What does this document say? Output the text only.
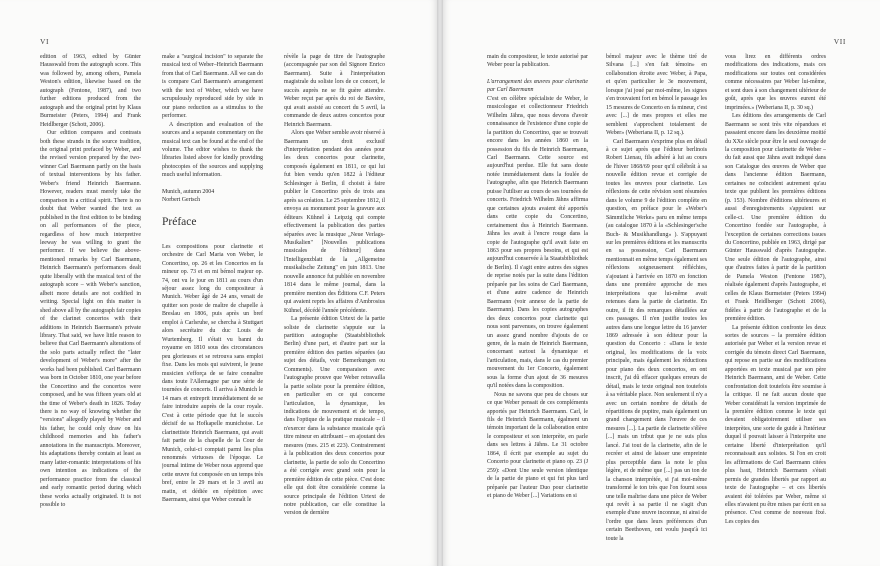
VI

edition of 1963, edited by Günter Hausswald from the autograph score. This was followed by, among others, Pamela Weston's edition, likewise based on the autograph (Fentone, 1987), and two further editions produced from the autograph and the original print by Klaus Burmeister (Peters, 1994) and Frank Heidlberger (Schott, 2006).

Our edition compares and contrasts both these strands in the source tradition, the original print prefaced by Weber, and the revised version prepared by the two-winner Carl Baermann partly on the basis of textual interventions by his father. Weber's friend Heinrich Baermann. However, readers must merely take the comparison in a critical spirit. There is no doubt that Weber wanted the text as published in the first edition to be binding on all performances of the piece, regardless of how much interpretive leeway he was willing to grant the performer. If we believe the above-mentioned remarks by Carl Baermann, Heinrich Baermann's performances dealt quite liberally with the musical text of the autograph score – with Weber's sanction, albeit more details are not codified in writing. Special light on this matter is shed above all by the autograph fair copies of the clarinet concertos with their additions in Heinrich Baermann's private library. That said, we have little reason to believe that Carl Baermann's alterations of the solo parts actually reflect the "later development of Weber's more" after the works had been published. Carl Baermann was born in October 1810, one year before the Concertino and the concertos were composed, and he was fifteen years old at the time of Weber's death in 1826. Today there is no way of knowing whether the "versions" allegedly played by Weber and his father, he could only draw on his childhood memories and his father's annotations in the manuscripts. Moreover, his adaptations thereby contain at least as many latter-romantic interpretations of his own intention as indications of the performance practice from the classical and early romantic period during which these works actually originated. It is not possible to

make a "surgical incision" to separate the musical text of Weber–Heinrich Baermann from that of Carl Baermann. All we can do is compare Carl Baermann's arrangement with the text of Weber, which we have scrupulously reproduced side by side in our piano reduction as a stimulus to the performer.

A description and evaluation of the sources and a separate commentary on the musical text can be found at the end of the volume. The editor wishes to thank the libraries listed above for kindly providing photocopies of the sources and supplying much useful information.

Munich, autumn 2004

Norbert Gertsch

Préface

Les compositions pour clarinette et orchestre de Carl Maria von Weber, le Concertino, op. 26 et les Concertos en fa mineur op. 73 et en mi bémol majeur op. 74, ont vu le jour en 1811 au cours d'un séjour assez long du compositeur à Munich. Weber âgé de 24 ans, venait de quitter son poste de maître de chapelle à Breslau en 1806, puis après un bref emploi à Carlsruhe, se chercha à Stuttgart alors secrétaire du duc Louis de Wurtemberg. Il s'était vu banni du royaume en 1810 sous des circonstances peu glorieuses et se retrouva sans emploi fixe. Dans les mois qui suivirent, le jeune musicien s'efforça de se faire connaître dans toute l'Allemagne par une série de tournées de concerts. Il arriva à Munich le 14 mars et entreprit immédiatement de se faire introduire auprès de la cour royale. C'est à cette période que fut le succès décisif de sa Hofkapelle munichoise. Le clarinettiste Heinrich Baermann, qui avait fait partie de la chapelle de la Cour de Munich, celui-ci comptait parmi les plus renommés virtuoses de l'époque. Le journal intime de Weber nous apprend que cette œuvre fut composée en un temps très bref, entre le 29 mars et le 3 avril au matin, et dédiée en répétition avec Baermann, ainsi que Weber connaît le

révèle la page de titre de l'autographe (accompagnée par son del Signore Enrico Baermann). Suite à l'interprétation magistrale du soliste lors de ce concert, le succès auprès ne se fit guère attendre. Weber reçut par après du roi de Bavière, qui avait assisté au concert du 5 avril, la commande de deux autres concertos pour Heinrich Baermann.

Alors que Weber semble avoir réservé à Baermann un droit exclusif d'interprétation pendant des années pour les deux concertos pour clarinette, composés également en 1811, ce qui lui fut bien vendu qu'en 1822 à l'éditeur Schlesinger à Berlin, il choisit à faire publier le Concertino près de trois ans après sa création. Le 25 septembre 1812, il envoya au monument pour la gravure aux éditeurs Kühnel à Leipzig qui compte effectivement la publication des parties séparées avec la musique „Neue Verlags-Musikalien" [Nouvelles publications musicales de l'éditeur] dans l'Intelligenzblatt de la „Allgemeine musikalische Zeitung" en juin 1813. Une nouvelle annonce fut publiée en novembre 1814 dans le même journal, dans la première mention des Éditions C.F. Peters qui avaient repris les affaires d'Ambrosius Kühnel, décédé l'année précédente.

La présente édition Urtext de la partie soliste de clarinette s'appuie sur la partition autographe (Staatsbibliothek Berlin) d'une part, et d'autre part sur la première édition des parties séparées (au sujet des détails, voir Bemerkungen ou Comments). Une comparaison avec l'autographe prouve que Weber retravailla la partie soliste pour la première édition, en particulier en ce qui concerne l'articulation, la dynamique, les indications de mouvement et de tempo, dans l'optique de la pratique musicale – il n'exercer dans la substance musicale qu'à titre mineur en attribuant – en ajoutant des mesures (mes. 215 et 223). Contrairement à la publication des deux concertos pour clarinette, la partie de solo du Concertino a été corrigée avec grand soin pour la première édition de cette pièce. C'est donc elle qui doit être considérée comme la source principale de l'édition Urtext de notre publication, car elle constitue la version de dernière

VII

main du compositeur, le texte autorisé par Weber pour la publication.

L'arrangement des œuvres pour clarinette par Carl Baermann

C'est en célèbre spécialiste de Weber, le musicologue et collectionneur Friedrich Wilhelm Jähns, que nous devons d'avoir connaissance de l'existence d'une copie de la partition du Concertino, que se trouvait encore dans les années 1860 en la possession du fils de Heinrich Baermann, Carl Baermann. Cette source est aujourd'hui perdue. Elle fut sans doute notée immédiatement dans la foulée de l'autographe, afin que Heinrich Baermann puisse l'utiliser au cours de ses tournées de concerts. Friedrich Wilhelm Jähns affirma que certaines ajouts avaient été apportés dans cette copie du Concertino, certainement dus à Heinrich Baermann. Jähns les avait à l'encre rouge dans la copie de l'autographe qu'il avait faite en 1863 pour ses propres besoins, et qui est aujourd'hui conservée à la Staatsbibliothek de Berlin). Il s'agit entre autres des signes de reprise notés par la suite dans l'édition préparée par les soins de Carl Baermann, et d'une autre cadence de Heinrich Baermann (voir annexe de la partie de Baermann). Dans les copies autographes des deux concertos pour clarinette qui nous sont parvenues, on trouve également un assez grand nombre d'ajouts de ce genre, de la main de Heinrich Baermann, concernant surtout la dynamique et l'articulation, mais, dans le cas du premier mouvement du 1er Concerto, également sous la forme d'un ajout de 36 mesures qu'il notées dans la composition.

Nous ne savons que peu de choses sur ce que Weber pensait de ces compléments apportés par Heinrich Baermann. Carl, le fils de Heinrich Baermann, égalment un témoin important de la collaboration entre le compositeur et son interprète, en parle dans ses lettres à Jähns. Le 31 octobre 1864, il écrit par exemple au sujet du Concerto pour clarinette et piano op. 23 (J 259): «Dont Une seule version identique de la partie de piano et qui fut plus tard préparée par l'auteur Duo pour clarinette et piano de Weber [...] Variations en si

bémol majeur avec le thème tiré de Silvana [...] s'en fait témoin» en collaboration étroite avec Weber, à Papa, et qu'en particulier le 3e mouvement, lorsque j'ai joué par moi-même, les signes s'en trouvaient fort en bémol le passage les 15 mesures de Concerto en fa mineur, c'est avec [...] de mes propres et elles me semblent s'approchent totalement de Weber» (Weberiana II, p. 12 sq.).

Carl Baermann s'exprime plus en détail à ce sujet après que l'éditeur berlinois Robert Lienau, fils adhéré à lui au cours de l'hiver 1868/69 pour qu'il célébrât à sa nouvelle édition revue et corrigée de toutes les œuvres pour clarinette. Les réflexions de cette révision sont résumées dans le volume 9 de l'édition complète en question, en préface pour le «Weber's Sämmtliche Werke» paru en même temps (au catalogue 1870 à la «Schlesinger'sche Buch- & Musikhandlung» ). S'appuyant sur les premières éditions et les manuscrits en sa possession, Carl Baermann mentionnait en même temps également ses réflexions soigneusement réfléchies, s'ajoutant à l'arrivée en 1870 en fonction dans une première approche de mes interprétations que lui-même avait retenues dans la partie de clarinette. En outre, il fit des remarques détaillées sur ces passages. Il n'en justifie toutes les autres dans une longue lettre du 16 janvier 1869 adressée à son éditeur pour la question du Concerto : «Dans le texte original, les modifications de la voix principale, mais également les réductions pour piano des deux concertos, en ont inscrit, j'ai dû effacer quelques erreurs de détail, mais le texte original non toutefois à sa véritable place. Non seulement il n'y a avec un certain nombre de détails de répartitions de pupitre, mais également un grand changement dans l'œuvre de ces mesures [...]. La partie de clarinette s'élève [...] mais un tribut que je ne suis plus lancé. J'ai tout de la clarinette, afin de le recréer et ainsi de laisser une empreinte plus perceptible dans la note le plus légère, et de même que [...] pas un ton de la chanson interprétée, si j'ai moi-même transformé le ton très que l'on fourni sous une telle maîtrise dans une pièce de Weber qui revêt à sa partie il ne s'agit d'un exemple d'une œuvre inconnue, ni ainsi de l'ordre que dans leurs préférences d'un certain Beethoven, ont voulu jusqu'à ici toute la

vous lirez en différents ordres modifications des indications, mais ces modifications sur toutes ont considérées comme nécessaires par Weber lui-même, et sont dues à son changement ultérieur de goût, après que les œuvres eurent été imprimées.» (Weberiana II, p. 30 sq.)

Les éditions des arrangements de Carl Baermann se sont très vite répandues et passaient encore dans les deuxième moitié du XXe siècle pour être le seul ouvrage de la composition pour clarinette de Weber – du fait aussi que Jähns avait indiqué dans son Catalogue des œuvres de Weber que dans l'ancienne édition Baermann, certaines ne coïncident autrement qu'au texte que publient les premières éditions (p. 153). Nombre d'éditions ultérieures et aussi d'enregistrements s'appuient sur celle-ci. Une première édition du Concertino fondée sur l'autographe, à l'exception de certaines corrections issues du Concertino, publiée en 1963, dirigé par Günter Hausswald d'après l'autographe. Une seule édition de l'autographe, ainsi que d'autres faites à partir de la partition de Pamela Weston (Fentone 1987), réalisée également d'après l'autographe, et celles de Klaus Burmeister (Peters 1994) et Frank Heidlberger (Schott 2006), fidèles à partir de l'autographe et de la première édition.

La présente édition confronte les deux sortes de sources – la première édition autorisée par Weber et la version revue et corrigée du témoin direct Carl Baermann, qui repose en partie sur des modifications apportées en texte musical par son père Heinrich Baermann, ami de Weber. Cette confrontation doit toutefois être soumise à la critique. Il ne fait aucun doute que Weber considérait la version imprimée de la première édition comme le texte qui devaient obligatoirement utiliser ses interprètes, une sorte de guide à l'intérieur duquel il pouvait laisser à l'interprète une certaine liberté d'interprétation qu'il reconnaissait aux solistes. Si l'on en croit les affirmations de Carl Baermann citées plus haut, Heinrich Baermann s'était permis de grandes libertés par rapport au texte de l'autographe – et ces libertés avaient été tolérées par Weber, même si elles n'avaient pu être mises par écrit en sa présence. C'est comme de nouveau fixé. Les copies des
